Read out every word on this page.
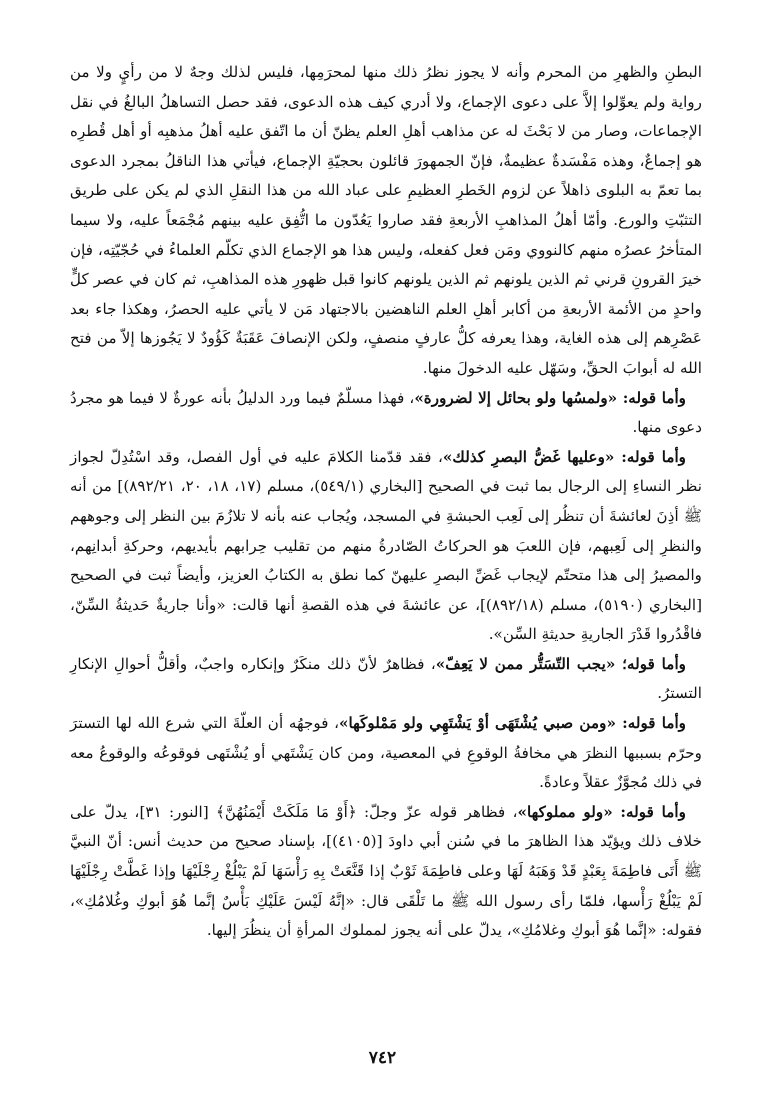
البطنِ والظهرِ من المحرم وأنه لا يجوز نظرُ ذلك منها لمحرَمِها، فليس لذلك وجهٌ لا من رأيٍ ولا من رواية ولم يعوِّلوا إلاَّ على دعوى الإجماع، ولا أدري كيف هذه الدعوى، فقد حصل التساهلُ البالغُ في نقل الإجماعات، وصار من لا بَحْثَ له عن مذاهب أهلِ العلم يظنّ أن ما اتّفق عليه أهلُ مذهبِه أو أهل قُطرِه هو إجماعٌ، وهذه مَفْسَدةٌ عظيمةٌ، فإنّ الجمهورَ قائلون بحجيّةِ الإجماع، فيأتي هذا الناقلُ بمجرد الدعوى بما تعمّ به البلوى ذاهلاً عن لزوم الخَطرِ العظيمِ على عباد الله من هذا النقلِ الذي لم يكن على طريق التثبّتِ والورع. وأمّا أهلُ المذاهبِ الأربعةِ فقد صاروا يَعُدّون ما اتُّفِق عليه بينهم مُجْمَعاً عليه، ولا سيما المتأخرُ عصرُه منهم كالنووي ومَن فعل كفعله، وليس هذا هو الإجماع الذي تكلّم العلماءُ في حُجّيّتِه، فإن خيرَ القرونِ قرني ثم الذين يلونهم ثم الذين يلونهم كانوا قبل ظهورِ هذه المذاهبِ، ثم كان في عصر كلٍّ واحدٍ من الأئمة الأربعةِ من أكابر أهلِ العلم الناهضين بالاجتهاد مَن لا يأتي عليه الحصرُ، وهكذا جاء بعد عَصْرِهم إلى هذه الغاية، وهذا يعرفه كلُّ عارفٍ منصفٍ، ولكن الإنصافَ عَقَبَةٌ كَؤُودٌ لا يَجُوزها إلاّ من فتح الله له أبوابَ الحقِّ، وسَهّل عليه الدخولَ منها.

وأما قوله: «ولمسُها ولو بحائل إلا لضرورة»، فهذا مسلّمٌ فيما ورد الدليلُ بأنه عورةٌ لا فيما هو مجردُ دعوى منها.

وأما قوله: «وعليها غَضُّ البصرِ كذلك»، فقد قدّمنا الكلامَ عليه في أول الفصل، وقد اسْتُدِلّ لجواز نظر النساءِ إلى الرجال بما ثبت في الصحيح [البخاري (٥٤٩/١)، مسلم (١٧، ١٨، ٢٠، ٨٩٢/٢١)] من أنه ﷺ أذِنَ لعائشةَ أن تنظُر إلى لَعِب الحبشةِ في المسجد، ويُجاب عنه بأنه لا تلازُمَ بين النظر إلى وجوههم والنظرِ إلى لَعِبهم، فإن اللعبَ هو الحركاتُ الصّادرةُ منهم من تقليب حِرابهم بأيديهم، وحركةِ أبدانِهم، والمصيرُ إلى هذا متحتّم لإيجاب غَضِّ البصرِ عليهنّ كما نطق به الكتابُ العزيز، وأيضاً ثبت في الصحيح [البخاري (٥١٩٠)، مسلم (٨٩٢/١٨)]، عن عائشةَ في هذه القصةِ أنها قالت: «وأنا جاريةٌ حَديثةُ السِّنّ، فاقْدُروا قَدْرَ الجاريةِ حديثةِ السِّن».

وأما قوله؛ «يجب التّسَتُّر ممن لا يَعِفّ»، فظاهرٌ لأنّ ذلك منكَرٌ وإنكاره واجبٌ، وأقلُّ أحوالِ الإنكارِ التسترُ.

وأما قوله: «ومن صبي يُشْتَهَى أوْ يَشْتَهِي ولو مَمْلوكَها»، فوجهُه أن العلّةَ التي شرع الله لها التسترَ وحرّم بسببها النظرَ هي مخافةُ الوقوعِ في المعصية، ومن كان يَشْتَهي أو يُشْتَهى فوقوعُه والوقوعُ معه في ذلك مُجوَّزٌ عقلاً وعادةً.

وأما قوله: «ولو مملوكها»، فظاهر قوله عزّ وجلّ: ﴿أَوْ مَا مَلَكَتْ أَيْمَنُهُنَّ﴾ [النور: ٣١]، يدلّ على خلاف ذلك ويؤيّد هذا الظاهرَ ما في سُنن أبي داودَ [(٤١٠٥)]، بإسناد صحيح من حديث أنس: أنّ النبيَّ ﷺ أَتَى فاطِمَةَ بِعَبْدٍ قَدْ وَهَبَهُ لَهَا وعلى فاطِمَةَ ثَوْبٌ إذا قَنَّعَتْ بِهِ رَأْسَهَا لَمْ يَبْلُغْ رِجْلَيْهَا وإذا غَطَّتْ رِجْلَيْهَا لَمْ يَبْلُغْ رَأْسها، فلمّا رأى رسول الله ﷺ ما تَلْقَى قال: «إنَّهُ لَيْسَ عَلَيْكِ بَأْسٌ إنَّما هُوَ أبوكِ وغُلامُكِ»، فقوله: «إنَّما هُوَ أبوكِ وغلامُكِ»، يدلّ على أنه يجوز لمملوك المرأةِ أن ينظُرَ إليها.

٧٤٢
